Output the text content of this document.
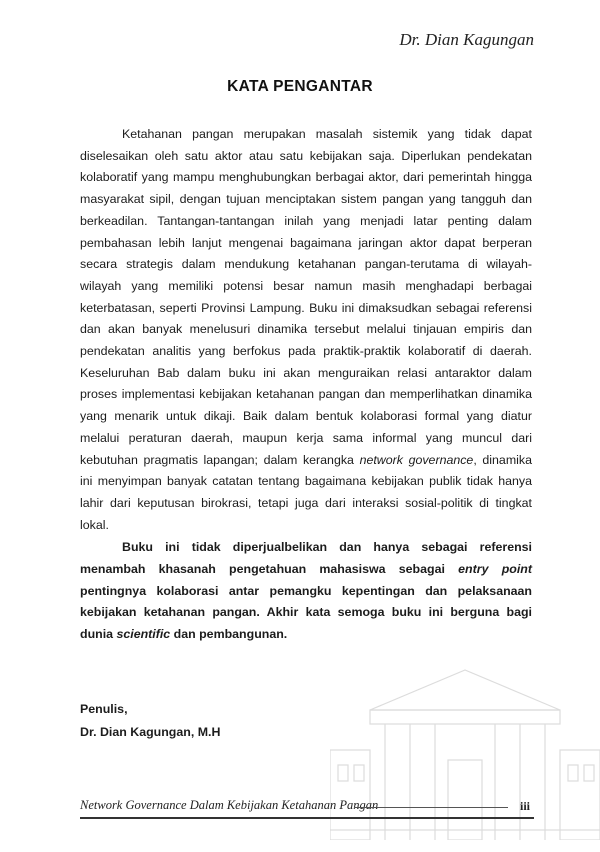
Dr. Dian Kagungan
KATA PENGANTAR

Ketahanan pangan merupakan masalah sistemik yang tidak dapat diselesaikan oleh satu aktor atau satu kebijakan saja. Diperlukan pendekatan kolaboratif yang mampu menghubungkan berbagai aktor, dari pemerintah hingga masyarakat sipil, dengan tujuan menciptakan sistem pangan yang tangguh dan berkeadilan. Tantangan-tantangan inilah yang menjadi latar penting dalam pembahasan lebih lanjut mengenai bagaimana jaringan aktor dapat berperan secara strategis dalam mendukung ketahanan pangan-terutama di wilayah-wilayah yang memiliki potensi besar namun masih menghadapi berbagai keterbatasan, seperti Provinsi Lampung. Buku ini dimaksudkan sebagai referensi dan akan banyak menelusuri dinamika tersebut melalui tinjauan empiris dan pendekatan analitis yang berfokus pada praktik-praktik kolaboratif di daerah. Keseluruhan Bab dalam buku ini akan menguraikan relasi antaraktor dalam proses implementasi kebijakan ketahanan pangan dan memperlihatkan dinamika yang menarik untuk dikaji. Baik dalam bentuk kolaborasi formal yang diatur melalui peraturan daerah, maupun kerja sama informal yang muncul dari kebutuhan pragmatis lapangan; dalam kerangka network governance, dinamika ini menyimpan banyak catatan tentang bagaimana kebijakan publik tidak hanya lahir dari keputusan birokrasi, tetapi juga dari interaksi sosial-politik di tingkat lokal.

Buku ini tidak diperjualbelikan dan hanya sebagai referensi menambah khasanah pengetahuan mahasiswa sebagai entry point pentingnya kolaborasi antar pemangku kepentingan dan pelaksanaan kebijakan ketahanan pangan. Akhir kata semoga buku ini berguna bagi dunia scientific dan pembangunan.

Penulis,
Dr. Dian Kagungan, M.H
Network Governance Dalam Kebijakan Ketahanan Pangan	iii
